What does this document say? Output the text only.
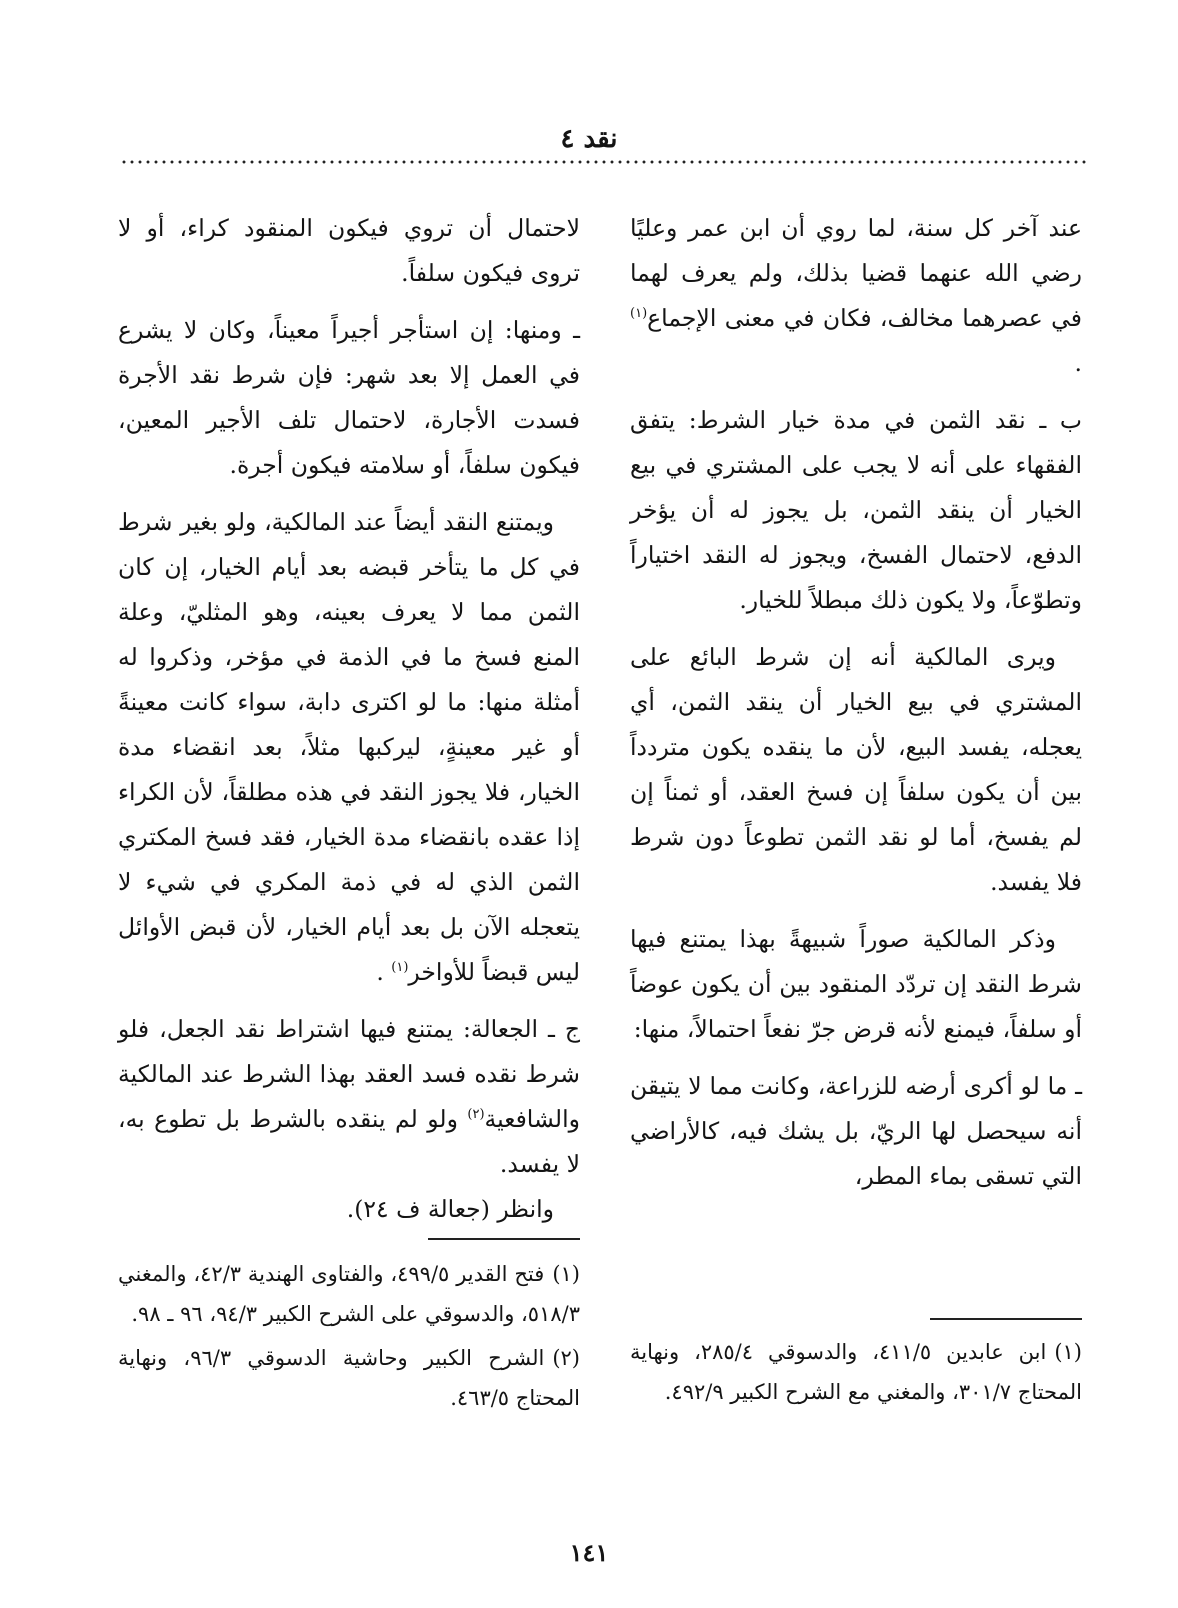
نقد ٤

عند آخر كل سنة، لما روي أن ابن عمر وعليًا رضي الله عنهما قضيا بذلك، ولم يعرف لهما في عصرهما مخالف، فكان في معنى الإجماع$^{(١)}$ .

ب ـ نقد الثمن في مدة خيار الشرط: يتفق الفقهاء على أنه لا يجب على المشتري في بيع الخيار أن ينقد الثمن، بل يجوز له أن يؤخر الدفع، لاحتمال الفسخ، ويجوز له النقد اختياراً وتطوّعاً، ولا يكون ذلك مبطلاً للخيار.

ويرى المالكية أنه إن شرط البائع على المشتري في بيع الخيار أن ينقد الثمن، أي يعجله، يفسد البيع، لأن ما ينقده يكون متردداً بين أن يكون سلفاً إن فسخ العقد، أو ثمناً إن لم يفسخ، أما لو نقد الثمن تطوعاً دون شرط فلا يفسد.

وذكر المالكية صوراً شبيهةً بهذا يمتنع فيها شرط النقد إن تردّد المنقود بين أن يكون عوضاً أو سلفاً، فيمنع لأنه قرض جرّ نفعاً احتمالاً، منها:

ـ ما لو أكرى أرضه للزراعة، وكانت مما لا يتيقن أنه سيحصل لها الريّ، بل يشك فيه، كالأراضي التي تسقى بماء المطر،

لاحتمال أن تروي فيكون المنقود كراء، أو لا تروى فيكون سلفاً.

ـ ومنها: إن استأجر أجيراً معيناً، وكان لا يشرع في العمل إلا بعد شهر: فإن شرط نقد الأجرة فسدت الأجارة، لاحتمال تلف الأجير المعين، فيكون سلفاً، أو سلامته فيكون أجرة.

ويمتنع النقد أيضاً عند المالكية، ولو بغير شرط في كل ما يتأخر قبضه بعد أيام الخيار، إن كان الثمن مما لا يعرف بعينه، وهو المثليّ، وعلة المنع فسخ ما في الذمة في مؤخر، وذكروا له أمثلة منها: ما لو اكترى دابة، سواء كانت معينةً أو غير معينةٍ، ليركبها مثلاً، بعد انقضاء مدة الخيار، فلا يجوز النقد في هذه مطلقاً، لأن الكراء إذا عقده بانقضاء مدة الخيار، فقد فسخ المكتري الثمن الذي له في ذمة المكري في شيء لا يتعجله الآن بل بعد أيام الخيار، لأن قبض الأوائل ليس قبضاً للأواخر$^{(١)}$ .

ج ـ الجعالة: يمتنع فيها اشتراط نقد الجعل، فلو شرط نقده فسد العقد بهذا الشرط عند المالكية والشافعية$^{(٢)}$ ولو لم ينقده بالشرط بل تطوع به، لا يفسد.

وانظر (جعالة ف ٢٤).

(١)ابن عابدين ٤١١/٥، والدسوقي ٢٨٥/٤، ونهاية المحتاج ٣٠١/٧، والمغني مع الشرح الكبير ٤٩٢/٩.

(١)فتح القدير ٤٩٩/٥، والفتاوى الهندية ٤٢/٣، والمغني ٥١٨/٣، والدسوقي على الشرح الكبير ٩٤/٣، ٩٦ ـ ٩٨.

(٢)الشرح الكبير وحاشية الدسوقي ٩٦/٣، ونهاية المحتاج ٤٦٣/٥.

١٤١
